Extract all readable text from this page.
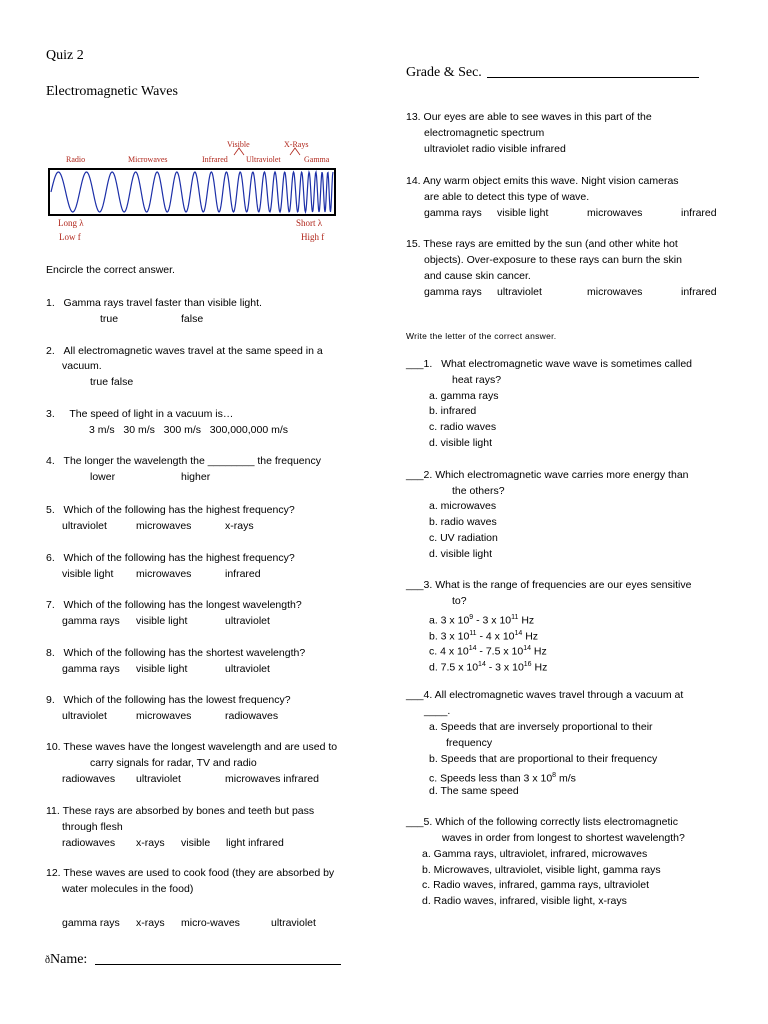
Quiz 2
Electromagnetic Waves
Grade & Sec.
Radio	Microwaves	Infrared
Visible
Ultraviolet
X-Rays
Gamma
Long λ
Low f
Short λ
High f
Encircle the correct answer.
1. Gamma rays travel faster than visible light.
true	false
2. All electromagnetic waves travel at the same speed in a
vacuum.
true false
3. The speed of light in a vacuum is…
3 m/s   30 m/s   300 m/s   300,000,000 m/s
4. The longer the wavelength the ________ the frequency
lower	higher
5. Which of the following has the highest frequency?
ultraviolet	microwaves	x-rays
6. Which of the following has the highest frequency?
visible light microwaves	infrared
7. Which of the following has the longest wavelength?
gamma rays visible light	ultraviolet
8. Which of the following has the shortest wavelength?
gamma rays visible light	ultraviolet
9. Which of the following has the lowest frequency?
ultraviolet	microwaves	radiowaves
10. These waves have the longest wavelength and are used to
carry signals for radar, TV and radio
radiowaves ultraviolet	microwaves infrared
11. These rays are absorbed by bones and teeth but pass
through flesh
radiowaves x-rays visible light infrared
12. These waves are used to cook food (they are absorbed by
water molecules in the food)
gamma rays x-rays micro-waves	ultraviolet
ðName:
13. Our eyes are able to see waves in this part of the
electromagnetic spectrum
ultraviolet radio visible infrared
14. Any warm object emits this wave. Night vision cameras
are able to detect this type of wave.
gamma rays visible light	microwaves	infrared
15. These rays are emitted by the sun (and other white hot
objects). Over-exposure to these rays can burn the skin
and cause skin cancer.
gamma rays ultraviolet	microwaves	infrared
Write the letter of the correct answer.
___1. What electromagnetic wave wave is sometimes called
heat rays?
a. gamma rays
b. infrared
c. radio waves
d. visible light
___2. Which electromagnetic wave carries more energy than
the others?
a. microwaves
b. radio waves
c. UV radiation
d. visible light
___3. What is the range of frequencies are our eyes sensitive
to?
a. 3 x $10^9 - 3$ x $10^{11}$ Hz
b. 3 x $10^{11} - 4$ x $10^{14}$ Hz
c. 4 x $10^{14} - 7.5$ x $10^{14}$ Hz
d. 7.5 x $10^{14} - 3$ x $10^{16}$ Hz
___4. All electromagnetic waves travel through a vacuum at
____.
a. Speeds that are inversely proportional to their
frequency
b. Speeds that are proportional to their frequency
c. Speeds less than 3 x $10^8$ m/s
d. The same speed
___5. Which of the following correctly lists electromagnetic
waves in order from longest to shortest wavelength?
a. Gamma rays, ultraviolet, infrared, microwaves
b. Microwaves, ultraviolet, visible light, gamma rays
c. Radio waves, infrared, gamma rays, ultraviolet
d. Radio waves, infrared, visible light, x-rays
